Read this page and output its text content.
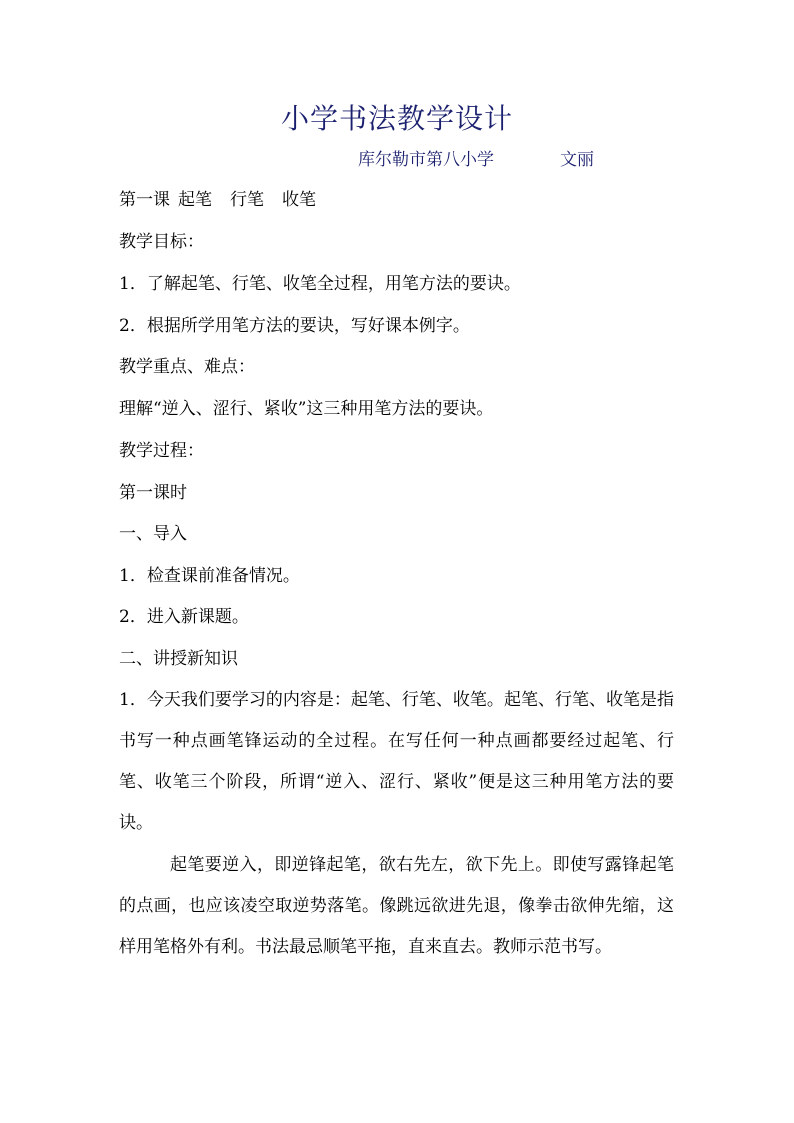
小学书法教学设计
库尔勒市第八小学	文丽
第一课 起笔 行笔 收笔
教学目标：
1．了解起笔、行笔、收笔全过程，用笔方法的要诀。
2．根据所学用笔方法的要诀，写好课本例字。
教学重点、难点：
理解“逆入、涩行、紧收”这三种用笔方法的要诀。
教学过程：
第一课时
一、导入
1．检查课前准备情况。
2．进入新课题。
二、讲授新知识

1．今天我们要学习的内容是：起笔、行笔、收笔。起笔、行笔、收笔是指书写一种点画笔锋运动的全过程。在写任何一种点画都要经过起笔、行笔、收笔三个阶段，所谓“逆入、涩行、紧收”便是这三种用笔方法的要诀。

起笔要逆入，即逆锋起笔，欲右先左，欲下先上。即使写露锋起笔的点画，也应该凌空取逆势落笔。像跳远欲进先退，像拳击欲伸先缩，这样用笔格外有利。书法最忌顺笔平拖，直来直去。教师示范书写。
